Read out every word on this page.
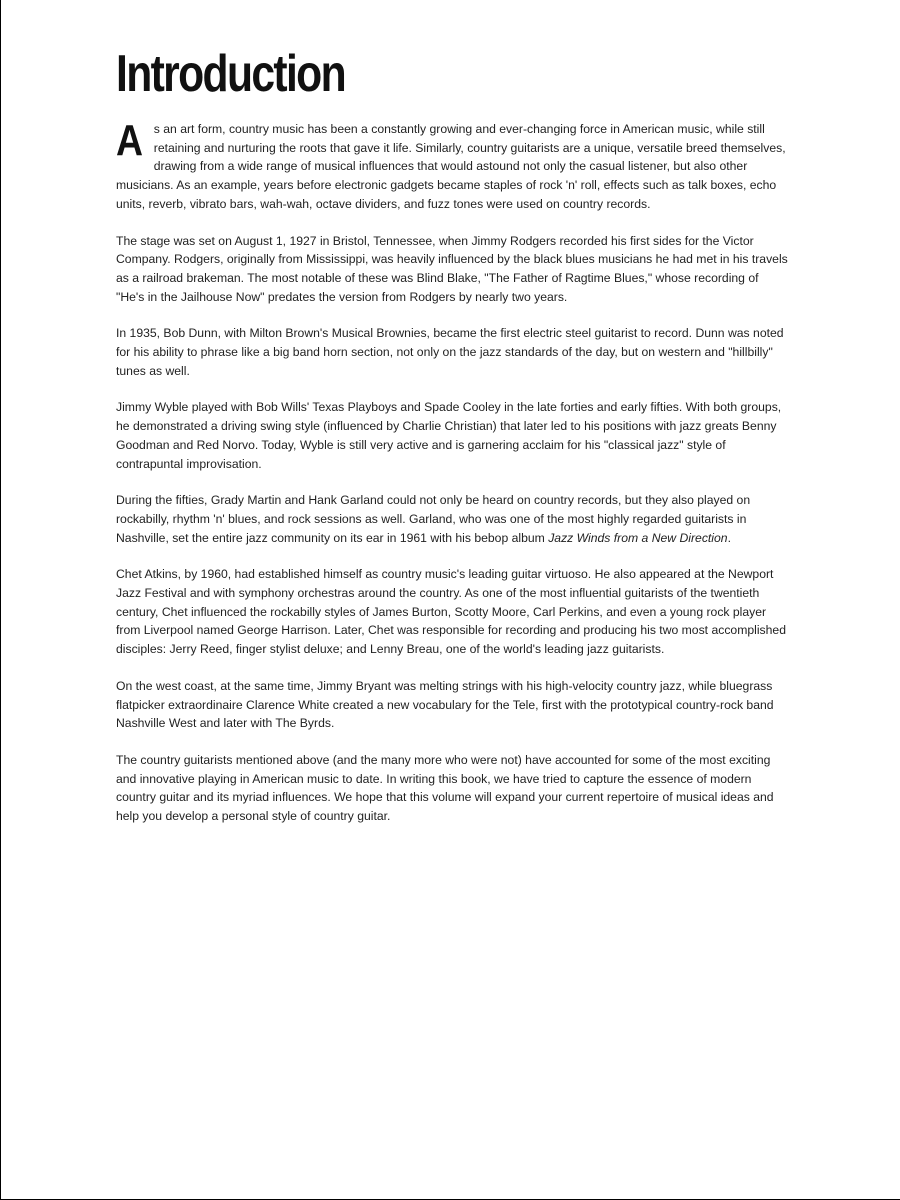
Introduction

As an art form, country music has been a constantly growing and ever-changing force in American music, while still retaining and nurturing the roots that gave it life. Similarly, country guitarists are a unique, versatile breed themselves, drawing from a wide range of musical influences that would astound not only the casual listener, but also other musicians. As an example, years before electronic gadgets became staples of rock 'n' roll, effects such as talk boxes, echo units, reverb, vibrato bars, wah-wah, octave dividers, and fuzz tones were used on country records.

The stage was set on August 1, 1927 in Bristol, Tennessee, when Jimmy Rodgers recorded his first sides for the Victor Company. Rodgers, originally from Mississippi, was heavily influenced by the black blues musicians he had met in his travels as a railroad brakeman. The most notable of these was Blind Blake, "The Father of Ragtime Blues," whose recording of "He's in the Jailhouse Now" predates the version from Rodgers by nearly two years.

In 1935, Bob Dunn, with Milton Brown's Musical Brownies, became the first electric steel guitarist to record. Dunn was noted for his ability to phrase like a big band horn section, not only on the jazz standards of the day, but on western and "hillbilly" tunes as well.

Jimmy Wyble played with Bob Wills' Texas Playboys and Spade Cooley in the late forties and early fifties. With both groups, he demonstrated a driving swing style (influenced by Charlie Christian) that later led to his positions with jazz greats Benny Goodman and Red Norvo. Today, Wyble is still very active and is garnering acclaim for his "classical jazz" style of contrapuntal improvisation.

During the fifties, Grady Martin and Hank Garland could not only be heard on country records, but they also played on rockabilly, rhythm 'n' blues, and rock sessions as well. Garland, who was one of the most highly regarded guitarists in Nashville, set the entire jazz community on its ear in 1961 with his bebop album Jazz Winds from a New Direction.

Chet Atkins, by 1960, had established himself as country music's leading guitar virtuoso. He also appeared at the Newport Jazz Festival and with symphony orchestras around the country. As one of the most influential guitarists of the twentieth century, Chet influenced the rockabilly styles of James Burton, Scotty Moore, Carl Perkins, and even a young rock player from Liverpool named George Harrison. Later, Chet was responsible for recording and producing his two most accomplished disciples: Jerry Reed, finger stylist deluxe; and Lenny Breau, one of the world's leading jazz guitarists.

On the west coast, at the same time, Jimmy Bryant was melting strings with his high-velocity country jazz, while bluegrass flatpicker extraordinaire Clarence White created a new vocabulary for the Tele, first with the prototypical country-rock band Nashville West and later with The Byrds.

The country guitarists mentioned above (and the many more who were not) have accounted for some of the most exciting and innovative playing in American music to date. In writing this book, we have tried to capture the essence of modern country guitar and its myriad influences. We hope that this volume will expand your current repertoire of musical ideas and help you develop a personal style of country guitar.
